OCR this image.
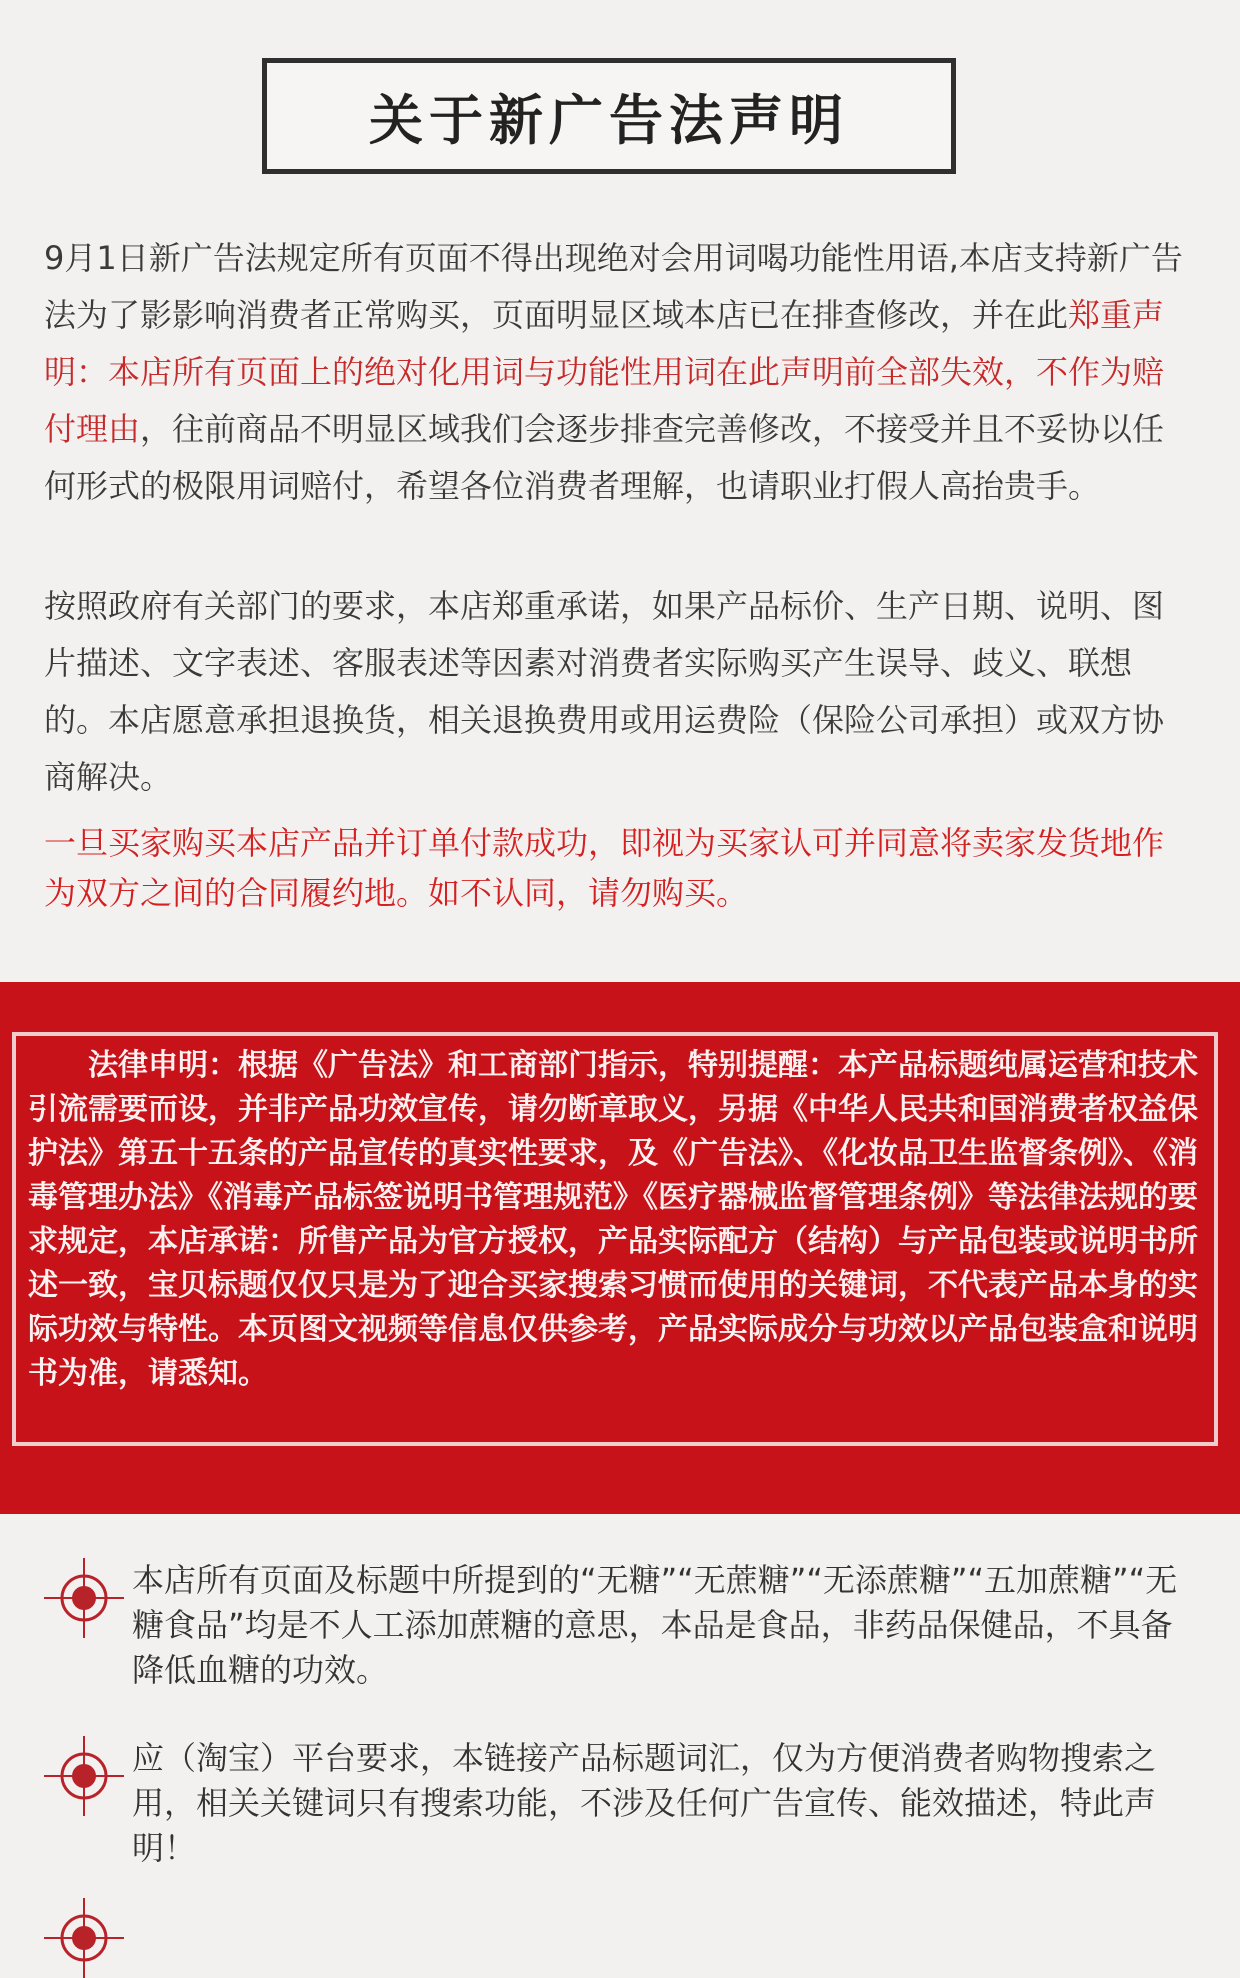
关于新广告法声明

9月1日新广告法规定所有页面不得出现绝对会用词喝功能性用语,本店支持新广告法为了影影响消费者正常购买，页面明显区域本店已在排查修改，并在此郑重声明：本店所有页面上的绝对化用词与功能性用词在此声明前全部失效，不作为赔付理由，往前商品不明显区域我们会逐步排查完善修改，不接受并且不妥协以任何形式的极限用词赔付，希望各位消费者理解，也请职业打假人高抬贵手。

按照政府有关部门的要求，本店郑重承诺，如果产品标价、生产日期、说明、图片描述、文字表述、客服表述等因素对消费者实际购买产生误导、歧义、联想的。本店愿意承担退换货，相关退换费用或用运费险（保险公司承担）或双方协商解决。

一旦买家购买本店产品并订单付款成功，即视为买家认可并同意将卖家发货地作为双方之间的合同履约地。如不认同，请勿购买。

法律申明：根据《广告法》和工商部门指示，特别提醒：本产品标题纯属运营和技术引流需要而设，并非产品功效宣传，请勿断章取义，另据《中华人民共和国消费者权益保护法》第五十五条的产品宣传的真实性要求，及《广告法》、《化妆品卫生监督条例》、《消毒管理办法》《消毒产品标签说明书管理规范》《医疗器械监督管理条例》等法律法规的要求规定，本店承诺：所售产品为官方授权，产品实际配方（结构）与产品包装或说明书所述一致，宝贝标题仅仅只是为了迎合买家搜索习惯而使用的关键词，不代表产品本身的实际功效与特性。本页图文视频等信息仅供参考，产品实际成分与功效以产品包装盒和说明书为准，请悉知。

本店所有页面及标题中所提到的“无糖”“无蔗糖”“无添蔗糖”“五加蔗糖”“无糖食品”均是不人工添加蔗糖的意思，本品是食品，非药品保健品，不具备降低血糖的功效。

应（淘宝）平台要求，本链接产品标题词汇，仅为方便消费者购物搜索之用，相关关键词只有搜索功能，不涉及任何广告宣传、能效描述，特此声明！
